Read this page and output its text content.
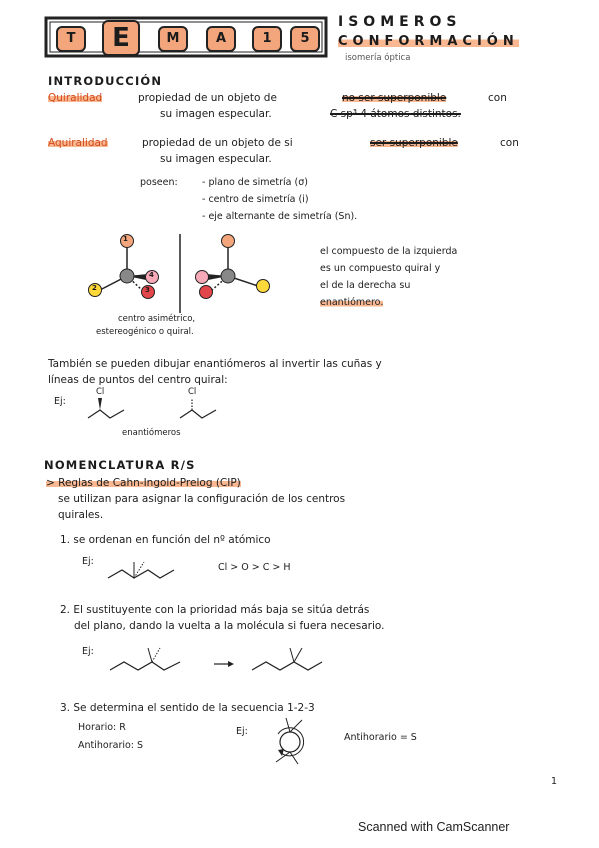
T	E	M	A	1	5
ISOMEROS
CONFORMACIÓN
isomería óptica
INTRODUCCIÓN
Quiralidad	propiedad de un objeto de	no ser superponible	con
su imagen especular.	C sp³ 4 átomos distintos.
Aquiralidad	propiedad de un objeto de si	ser superponible	con
su imagen especular.
poseen:	- plano de simetría (σ)
- centro de simetría (i)
- eje alternante de simetría (Sn).
1
2	3
4
el compuesto de la izquierda
es un compuesto quiral y
el de la derecha su
enantiómero.
centro asimétrico,
estereogénico o quiral.
También se pueden dibujar enantiómeros al invertir las cuñas y
líneas de puntos del centro quiral:
Ej:
Cl	Cl
enantiómeros
NOMENCLATURA R/S
> Reglas de Cahn-Ingold-Prelog (CIP)
se utilizan para asignar la configuración de los centros
quirales.
1. se ordenan en función del nº atómico
Ej:
Cl > O > C > H
2. El sustituyente con la prioridad más baja se sitúa detrás
del plano, dando la vuelta a la molécula si fuera necesario.
Ej:
3. Se determina el sentido de la secuencia 1-2-3
Horario: R
Antihorario: S
Ej:
Antihorario = S
1
Scanned with CamScanner
